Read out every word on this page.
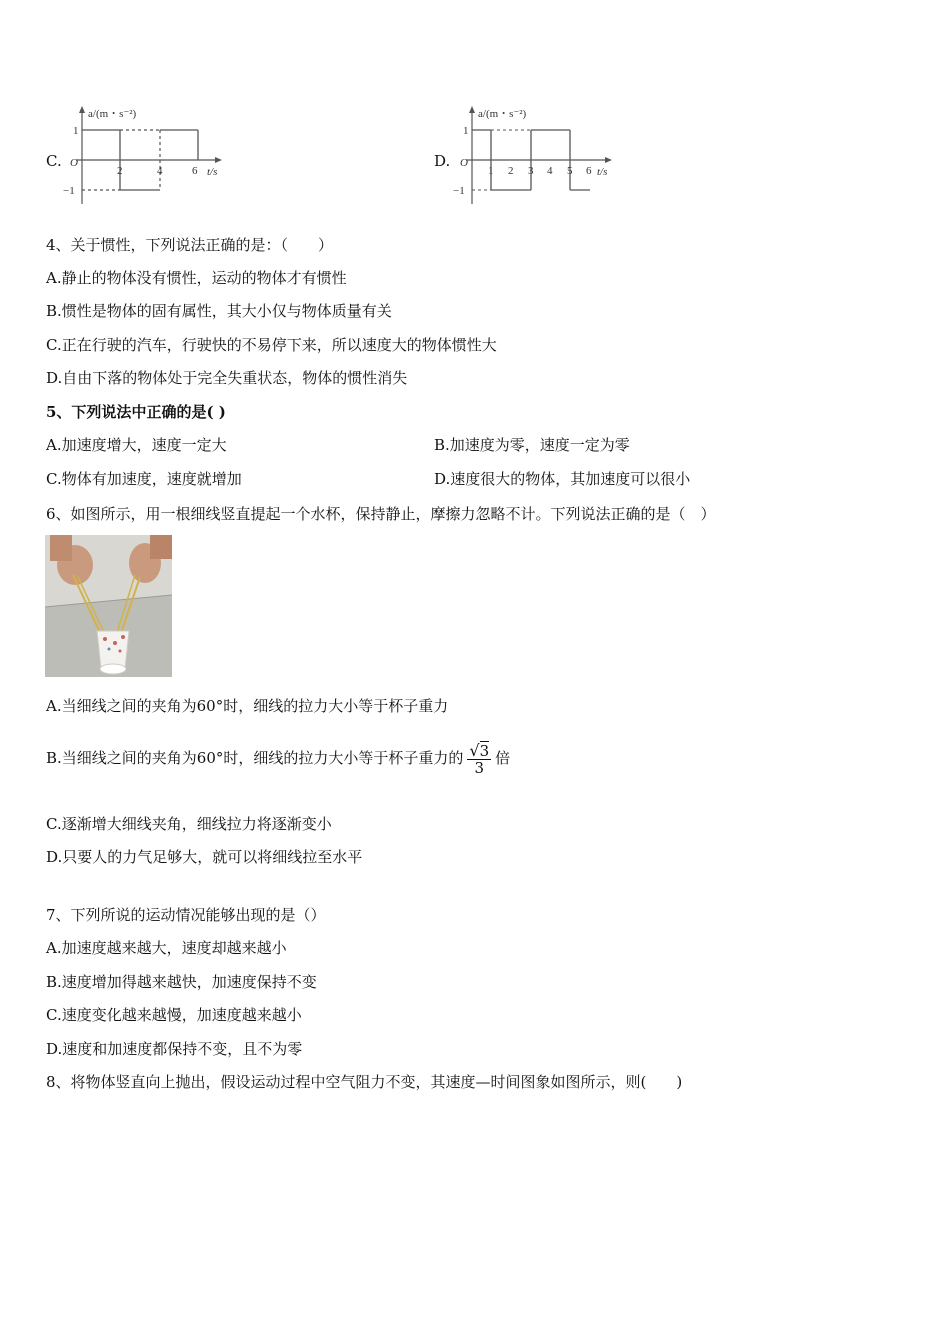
C.
a/(m・s⁻²)
t/s
O
1
−1
2	4	6
D.
a/(m・s⁻²)
t/s
O
1
−1
1 2 3 4 5 6
4、关于惯性，下列说法正确的是：（　　）
A.静止的物体没有惯性，运动的物体才有惯性
B.惯性是物体的固有属性，其大小仅与物体质量有关
C.正在行驶的汽车，行驶快的不易停下来，所以速度大的物体惯性大
D.自由下落的物体处于完全失重状态，物体的惯性消失
5、下列说法中正确的是( )
A.加速度增大，速度一定大	B.加速度为零，速度一定为零
C.物体有加速度，速度就增加	D.速度很大的物体，其加速度可以很小
6、如图所示，用一根细线竖直提起一个水杯，保持静止，摩擦力忽略不计。下列说法正确的是（　）
A.当细线之间的夹角为60°时，细线的拉力大小等于杯子重力
B.当细线之间的夹角为60°时，细线的拉力大小等于杯子重力的 $\frac{√3}{3}$ 倍
C.逐渐增大细线夹角，细线拉力将逐渐变小
D.只要人的力气足够大，就可以将细线拉至水平
7、下列所说的运动情况能够出现的是（）
A.加速度越来越大，速度却越来越小
B.速度增加得越来越快，加速度保持不变
C.速度变化越来越慢，加速度越来越小
D.速度和加速度都保持不变，且不为零
8、将物体竖直向上抛出，假设运动过程中空气阻力不变，其速度—时间图象如图所示，则(　　)
